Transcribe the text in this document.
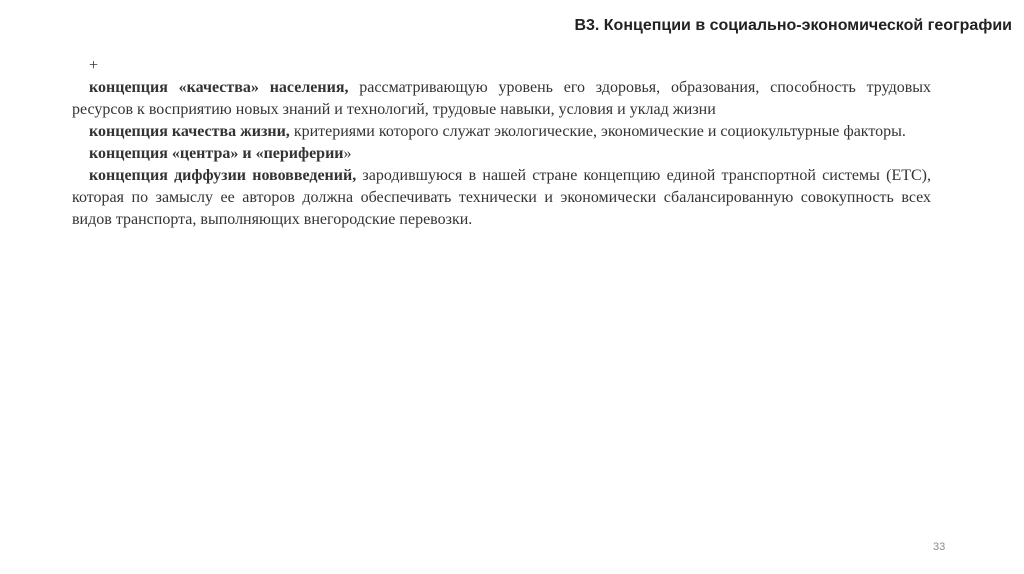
В3. Концепции в социально-экономической географии

+

концепция «качества» населения, рассматривающую уровень его здоровья, образования, способность трудовых ресурсов к восприятию новых знаний и технологий, трудовые навыки, условия и уклад жизни

концепция качества жизни, критериями которого служат экологические, экономические и социокультурные факторы.

концепция «центра» и «периферии»

концепция диффузии нововведений, зародившуюся в нашей стране концепцию единой транспортной системы (ЕТС), которая по замыслу ее авторов должна обеспечивать технически и экономически сбалансированную совокупность всех видов транспорта, выполняющих внегородские перевозки.

33
